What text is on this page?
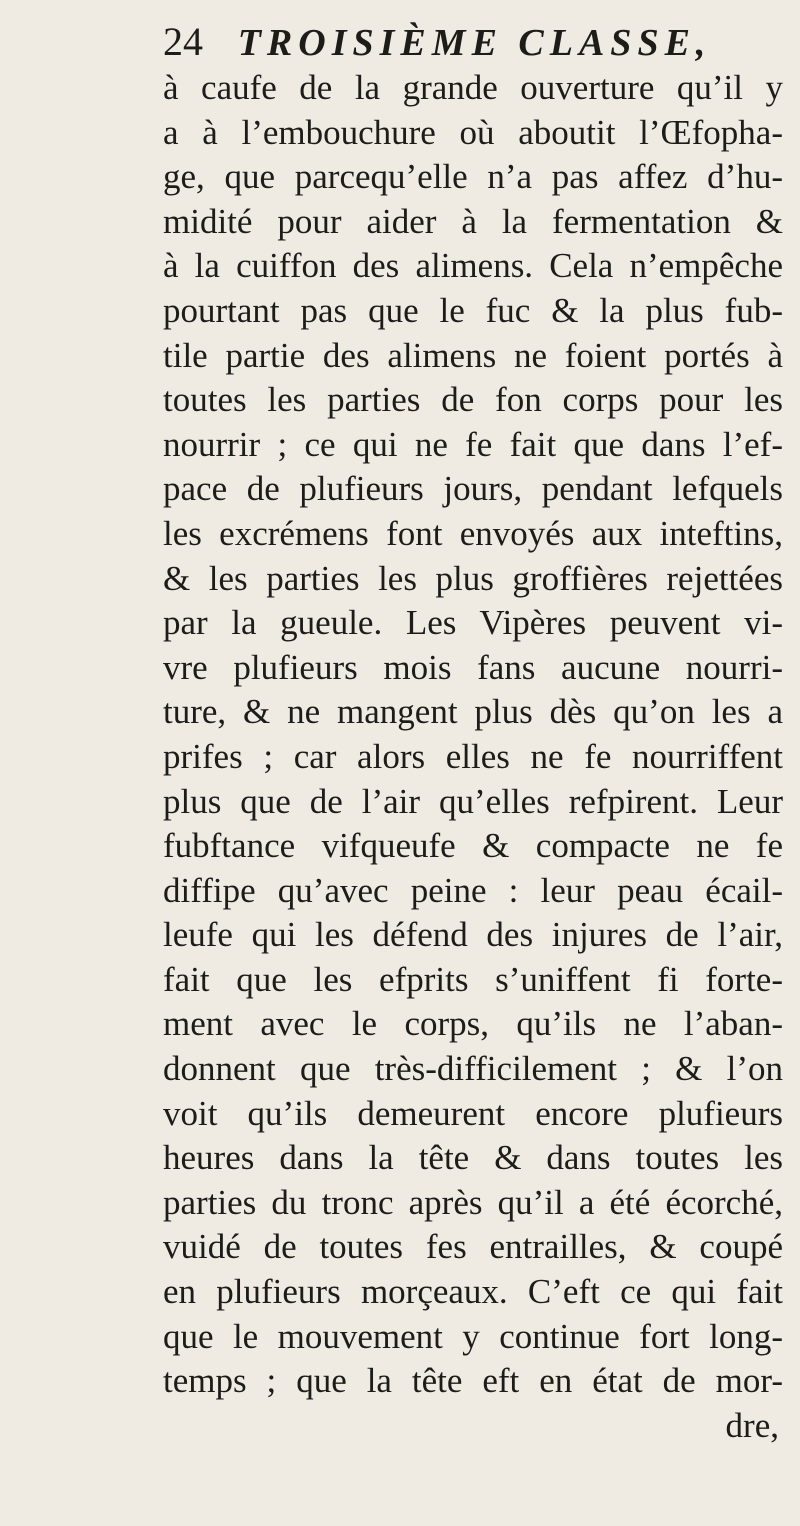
24 TROISIÈME CLASSE,
à caufe de la grande ouverture qu’il y
a à l’embouchure où aboutit l’Œfopha-
ge, que parcequ’elle n’a pas affez d’hu-
midité pour aider à la fermentation &
à la cuiffon des alimens. Cela n’empêche
pourtant pas que le fuc & la plus fub-
tile partie des alimens ne foient portés à
toutes les parties de fon corps pour les
nourrir ; ce qui ne fe fait que dans l’ef-
pace de plufieurs jours, pendant lefquels
les excrémens font envoyés aux inteftins,
& les parties les plus groffières rejettées
par la gueule. Les Vipères peuvent vi-
vre plufieurs mois fans aucune nourri-
ture, & ne mangent plus dès qu’on les a
prifes ; car alors elles ne fe nourriffent
plus que de l’air qu’elles refpirent. Leur
fubftance vifqueufe & compacte ne fe
diffipe qu’avec peine : leur peau écail-
leufe qui les défend des injures de l’air,
fait que les efprits s’uniffent fi forte-
ment avec le corps, qu’ils ne l’aban-
donnent que très-difficilement ; & l’on
voit qu’ils demeurent encore plufieurs
heures dans la tête & dans toutes les
parties du tronc après qu’il a été écorché,
vuidé de toutes fes entrailles, & coupé
en plufieurs morçeaux. C’eft ce qui fait
que le mouvement y continue fort long-
temps ; que la tête eft en état de mor-
dre,
